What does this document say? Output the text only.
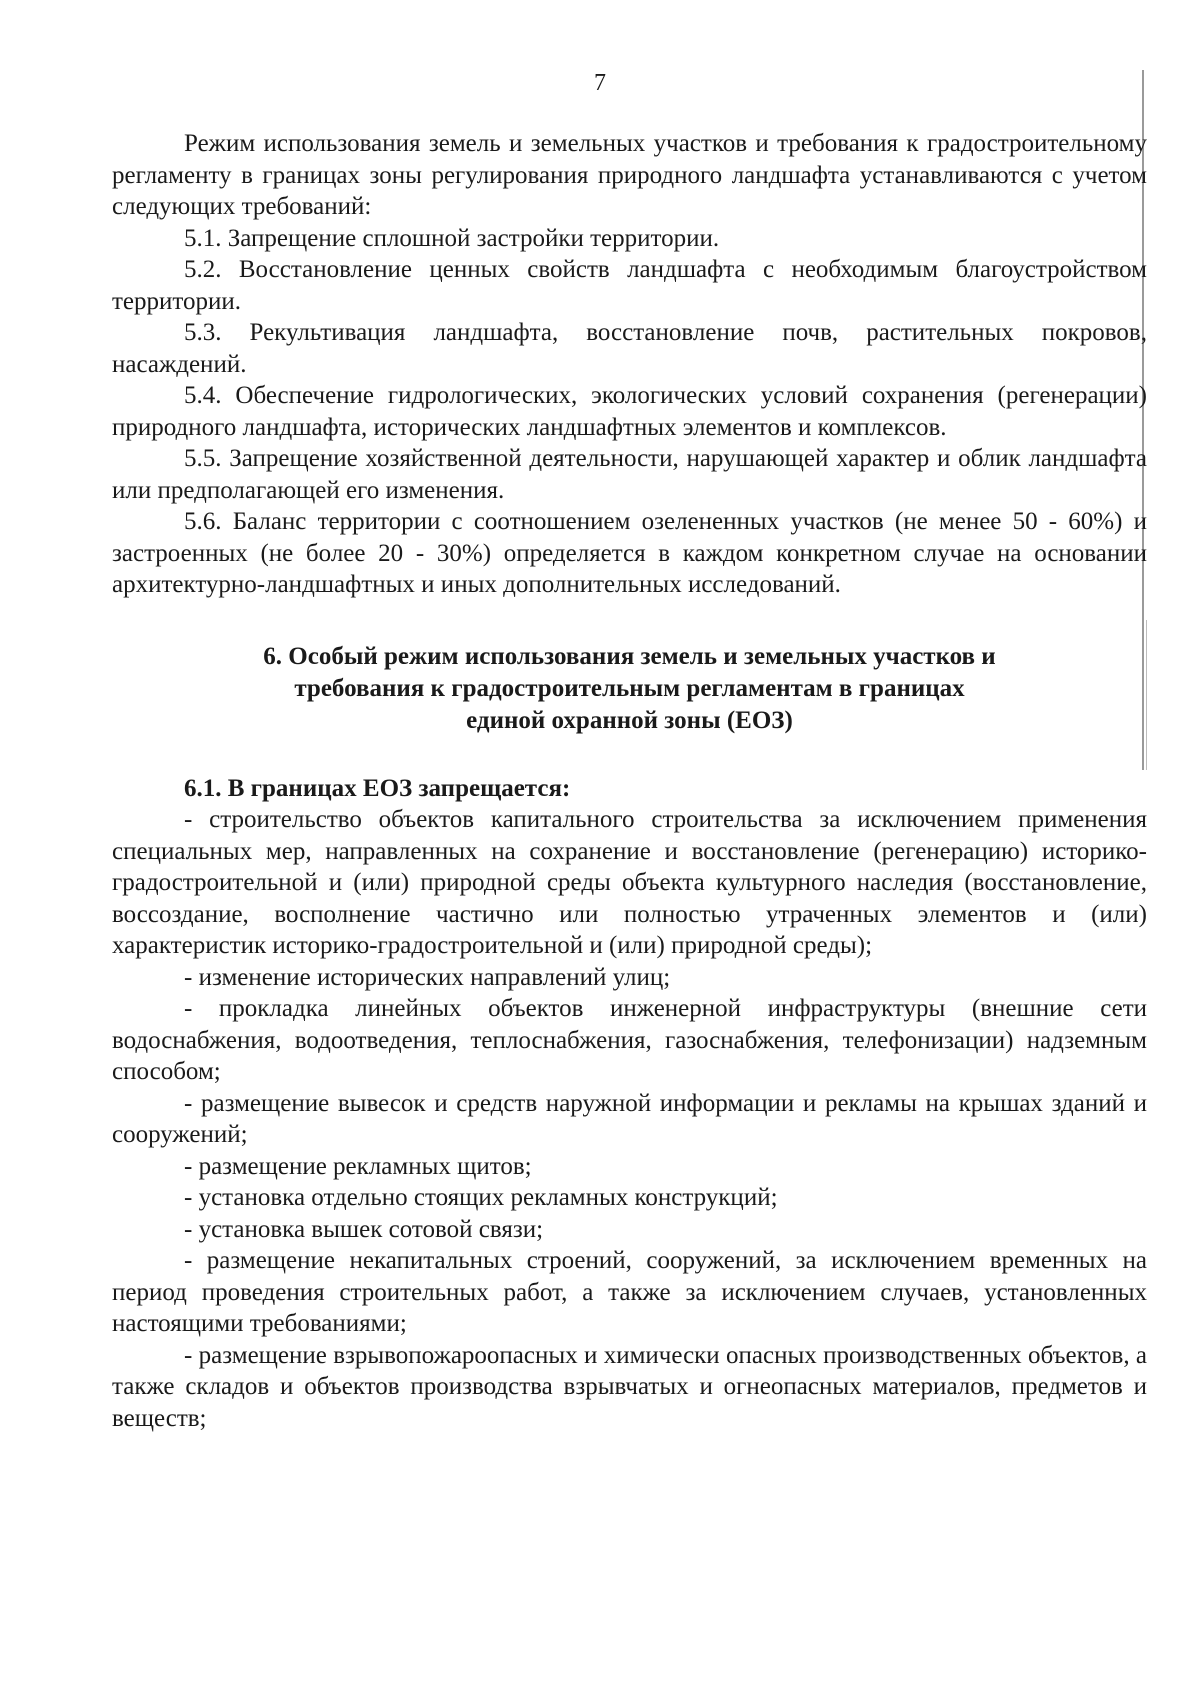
7

Режим использования земель и земельных участков и требования к градостроительному регламенту в границах зоны регулирования природного ландшафта устанавливаются с учетом следующих требований:

5.1. Запрещение сплошной застройки территории.

5.2. Восстановление ценных свойств ландшафта с необходимым благоустройством территории.

5.3. Рекультивация ландшафта, восстановление почв, растительных покровов, насаждений.

5.4. Обеспечение гидрологических, экологических условий сохранения (регенерации) природного ландшафта, исторических ландшафтных элементов и комплексов.

5.5. Запрещение хозяйственной деятельности, нарушающей характер и облик ландшафта или предполагающей его изменения.

5.6. Баланс территории с соотношением озелененных участков (не менее 50 - 60%) и застроенных (не более 20 - 30%) определяется в каждом конкретном случае на основании архитектурно-ландшафтных и иных дополнительных исследований.

6. Особый режим использования земель и земельных участков и
требования к градостроительным регламентам в границах
единой охранной зоны (ЕОЗ)

6.1. В границах ЕОЗ запрещается:

- строительство объектов капитального строительства за исключением применения специальных мер, направленных на сохранение и восстановление (регенерацию) историко-градостроительной и (или) природной среды объекта культурного наследия (восстановление, воссоздание, восполнение частично или полностью утраченных элементов и (или) характеристик историко-градостроительной и (или) природной среды);

- изменение исторических направлений улиц;

- прокладка линейных объектов инженерной инфраструктуры (внешние сети водоснабжения, водоотведения, теплоснабжения, газоснабжения, телефонизации) надземным способом;

- размещение вывесок и средств наружной информации и рекламы на крышах зданий и сооружений;

- размещение рекламных щитов;

- установка отдельно стоящих рекламных конструкций;

- установка вышек сотовой связи;

- размещение некапитальных строений, сооружений, за исключением временных на период проведения строительных работ, а также за исключением случаев, установленных настоящими требованиями;

- размещение взрывопожароопасных и химически опасных производственных объектов, а также складов и объектов производства взрывчатых и огнеопасных материалов, предметов и веществ;
